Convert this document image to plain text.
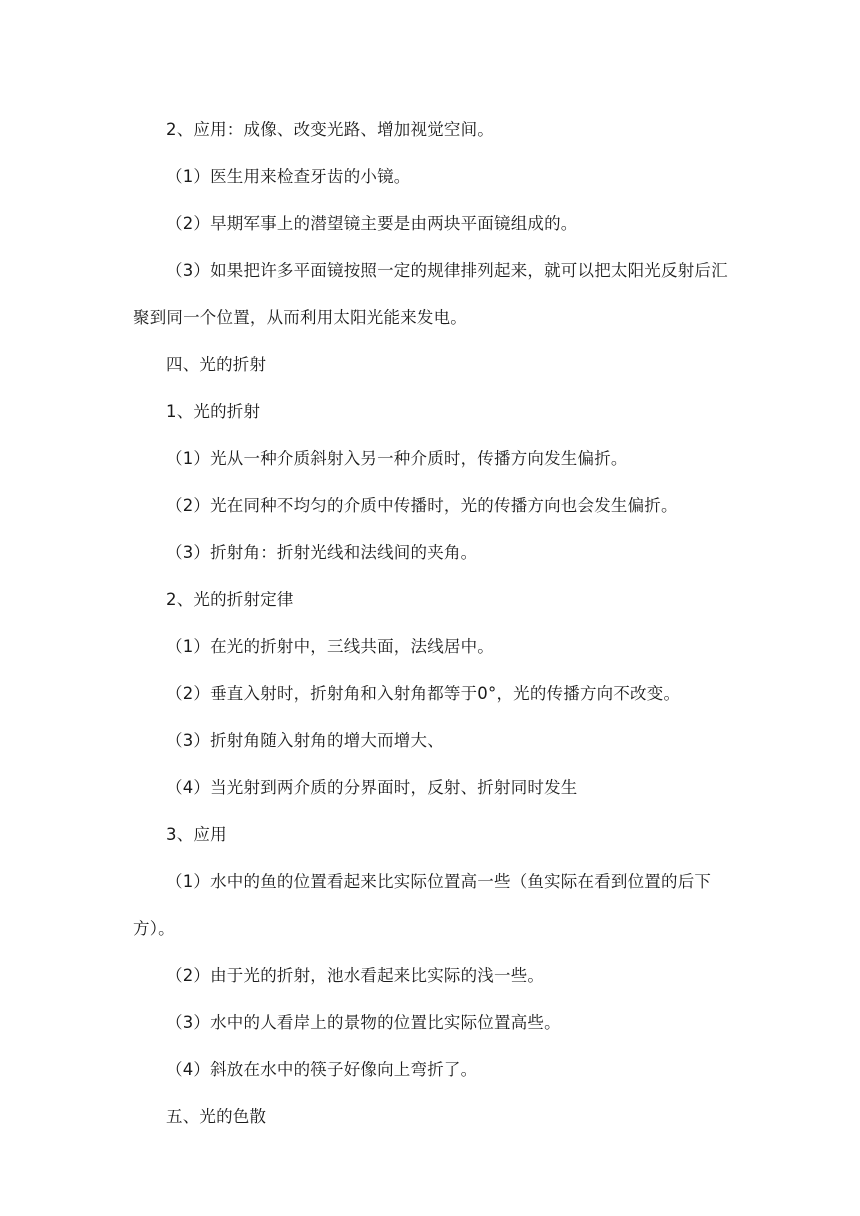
2、应用：成像、改变光路、增加视觉空间。

（1）医生用来检查牙齿的小镜。

（2）早期军事上的潜望镜主要是由两块平面镜组成的。

（3）如果把许多平面镜按照一定的规律排列起来，就可以把太阳光反射后汇聚到同一个位置，从而利用太阳光能来发电。

四、光的折射

1、光的折射

（1）光从一种介质斜射入另一种介质时，传播方向发生偏折。

（2）光在同种不均匀的介质中传播时，光的传播方向也会发生偏折。

（3）折射角：折射光线和法线间的夹角。

2、光的折射定律

（1）在光的折射中，三线共面，法线居中。

（2）垂直入射时，折射角和入射角都等于0°，光的传播方向不改变。

（3）折射角随入射角的增大而增大、

（4）当光射到两介质的分界面时，反射、折射同时发生

3、应用

（1）水中的鱼的位置看起来比实际位置高一些（鱼实际在看到位置的后下方）。

（2）由于光的折射，池水看起来比实际的浅一些。

（3）水中的人看岸上的景物的位置比实际位置高些。

（4）斜放在水中的筷子好像向上弯折了。

五、光的色散
